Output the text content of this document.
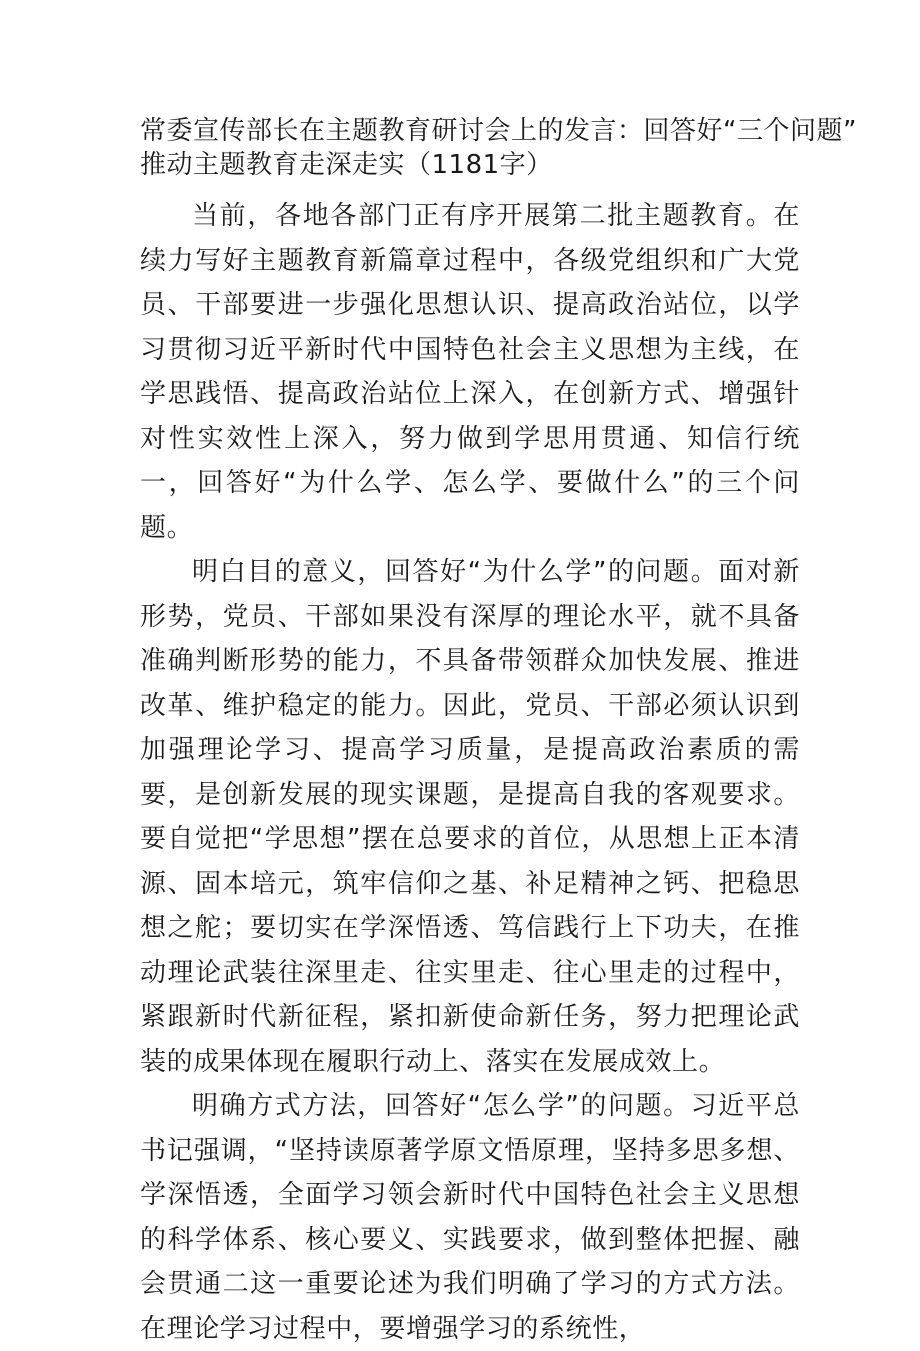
常委宣传部长在主题教育研讨会上的发言：回答好“三个问题”
推动主题教育走深走实（1181字）

当前，各地各部门正有序开展第二批主题教育。在续力写好主题教育新篇章过程中，各级党组织和广大党员、干部要进一步强化思想认识、提高政治站位，以学习贯彻习近平新时代中国特色社会主义思想为主线，在学思践悟、提高政治站位上深入，在创新方式、增强针对性实效性上深入，努力做到学思用贯通、知信行统一，回答好“为什么学、怎么学、要做什么”的三个问题。

明白目的意义，回答好“为什么学”的问题。面对新形势，党员、干部如果没有深厚的理论水平，就不具备准确判断形势的能力，不具备带领群众加快发展、推进改革、维护稳定的能力。因此，党员、干部必须认识到加强理论学习、提高学习质量，是提高政治素质的需要，是创新发展的现实课题，是提高自我的客观要求。要自觉把“学思想”摆在总要求的首位，从思想上正本清源、固本培元，筑牢信仰之基、补足精神之钙、把稳思想之舵；要切实在学深悟透、笃信践行上下功夫，在推动理论武装往深里走、往实里走、往心里走的过程中，紧跟新时代新征程，紧扣新使命新任务，努力把理论武装的成果体现在履职行动上、落实在发展成效上。

明确方式方法，回答好“怎么学”的问题。习近平总书记强调，“坚持读原著学原文悟原理，坚持多思多想、学深悟透，全面学习领会新时代中国特色社会主义思想的科学体系、核心要义、实践要求，做到整体把握、融会贯通二这一重要论述为我们明确了学习的方式方法。在理论学习过程中，要增强学习的系统性，
